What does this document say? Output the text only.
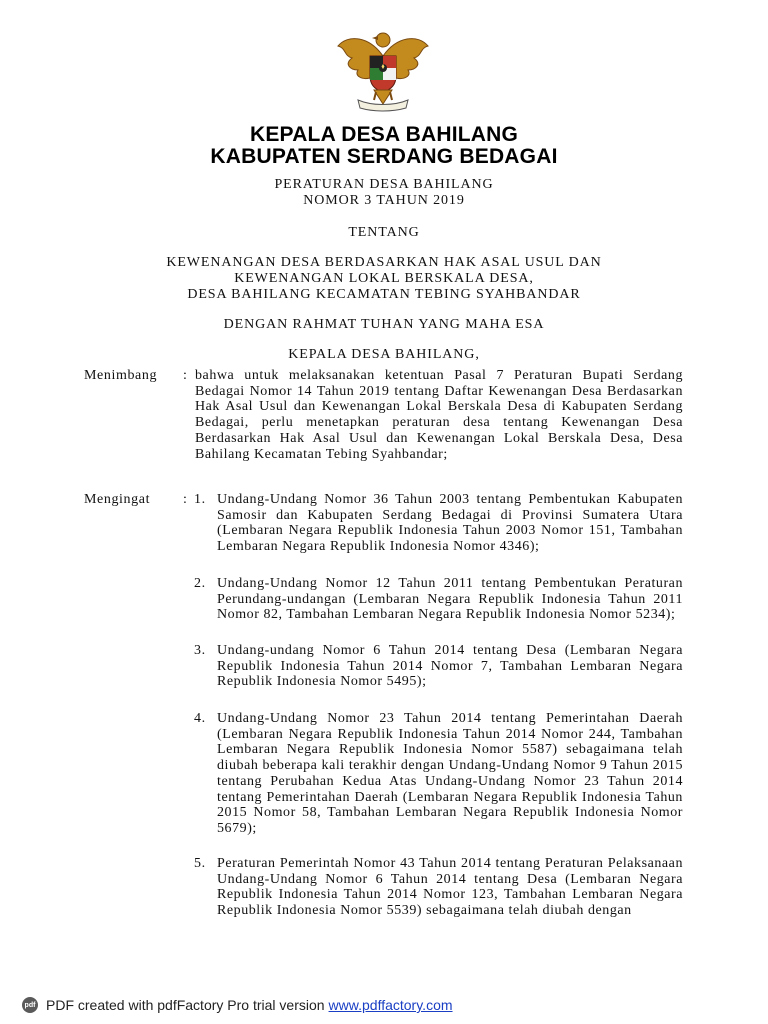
KEPALA DESA BAHILANG
KABUPATEN SERDANG BEDAGAI
PERATURAN DESA BAHILANG
NOMOR 3 TAHUN 2019
TENTANG
KEWENANGAN DESA BERDASARKAN HAK ASAL USUL DAN
KEWENANGAN LOKAL BERSKALA DESA,
DESA BAHILANG KECAMATAN TEBING SYAHBANDAR
DENGAN RAHMAT TUHAN YANG MAHA ESA
KEPALA DESA BAHILANG,
Menimbang : bahwa untuk melaksanakan ketentuan Pasal 7 Peraturan Bupati Serdang Bedagai Nomor 14 Tahun 2019 tentang Daftar Kewenangan Desa Berdasarkan Hak Asal Usul dan Kewenangan Lokal Berskala Desa di Kabupaten Serdang Bedagai, perlu menetapkan peraturan desa tentang Kewenangan Desa Berdasarkan Hak Asal Usul dan Kewenangan Lokal Berskala Desa, Desa Bahilang Kecamatan Tebing Syahbandar;
Mengingat : 1. Undang-Undang Nomor 36 Tahun 2003 tentang Pembentukan Kabupaten Samosir dan Kabupaten Serdang Bedagai di Provinsi Sumatera Utara (Lembaran Negara Republik Indonesia Tahun 2003 Nomor 151, Tambahan Lembaran Negara Republik Indonesia Nomor 4346);
2. Undang-Undang Nomor 12 Tahun 2011 tentang Pembentukan Peraturan Perundang-undangan (Lembaran Negara Republik Indonesia Tahun 2011 Nomor 82, Tambahan Lembaran Negara Republik Indonesia Nomor 5234);
3. Undang-undang Nomor 6 Tahun 2014 tentang Desa (Lembaran Negara Republik Indonesia Tahun 2014 Nomor 7, Tambahan Lembaran Negara Republik Indonesia Nomor 5495);
4. Undang-Undang Nomor 23 Tahun 2014 tentang Pemerintahan Daerah (Lembaran Negara Republik Indonesia Tahun 2014 Nomor 244, Tambahan Lembaran Negara Republik Indonesia Nomor 5587) sebagaimana telah diubah beberapa kali terakhir dengan Undang-Undang Nomor 9 Tahun 2015 tentang Perubahan Kedua Atas Undang-Undang Nomor 23 Tahun 2014 tentang Pemerintahan Daerah (Lembaran Negara Republik Indonesia Tahun 2015 Nomor 58, Tambahan Lembaran Negara Republik Indonesia Nomor 5679);
5. Peraturan Pemerintah Nomor 43 Tahun 2014 tentang Peraturan Pelaksanaan Undang-Undang Nomor 6 Tahun 2014 tentang Desa (Lembaran Negara Republik Indonesia Tahun 2014 Nomor 123, Tambahan Lembaran Negara Republik Indonesia Nomor 5539) sebagaimana telah diubah dengan
pdf PDF created with pdfFactory Pro trial version www.pdffactory.com
